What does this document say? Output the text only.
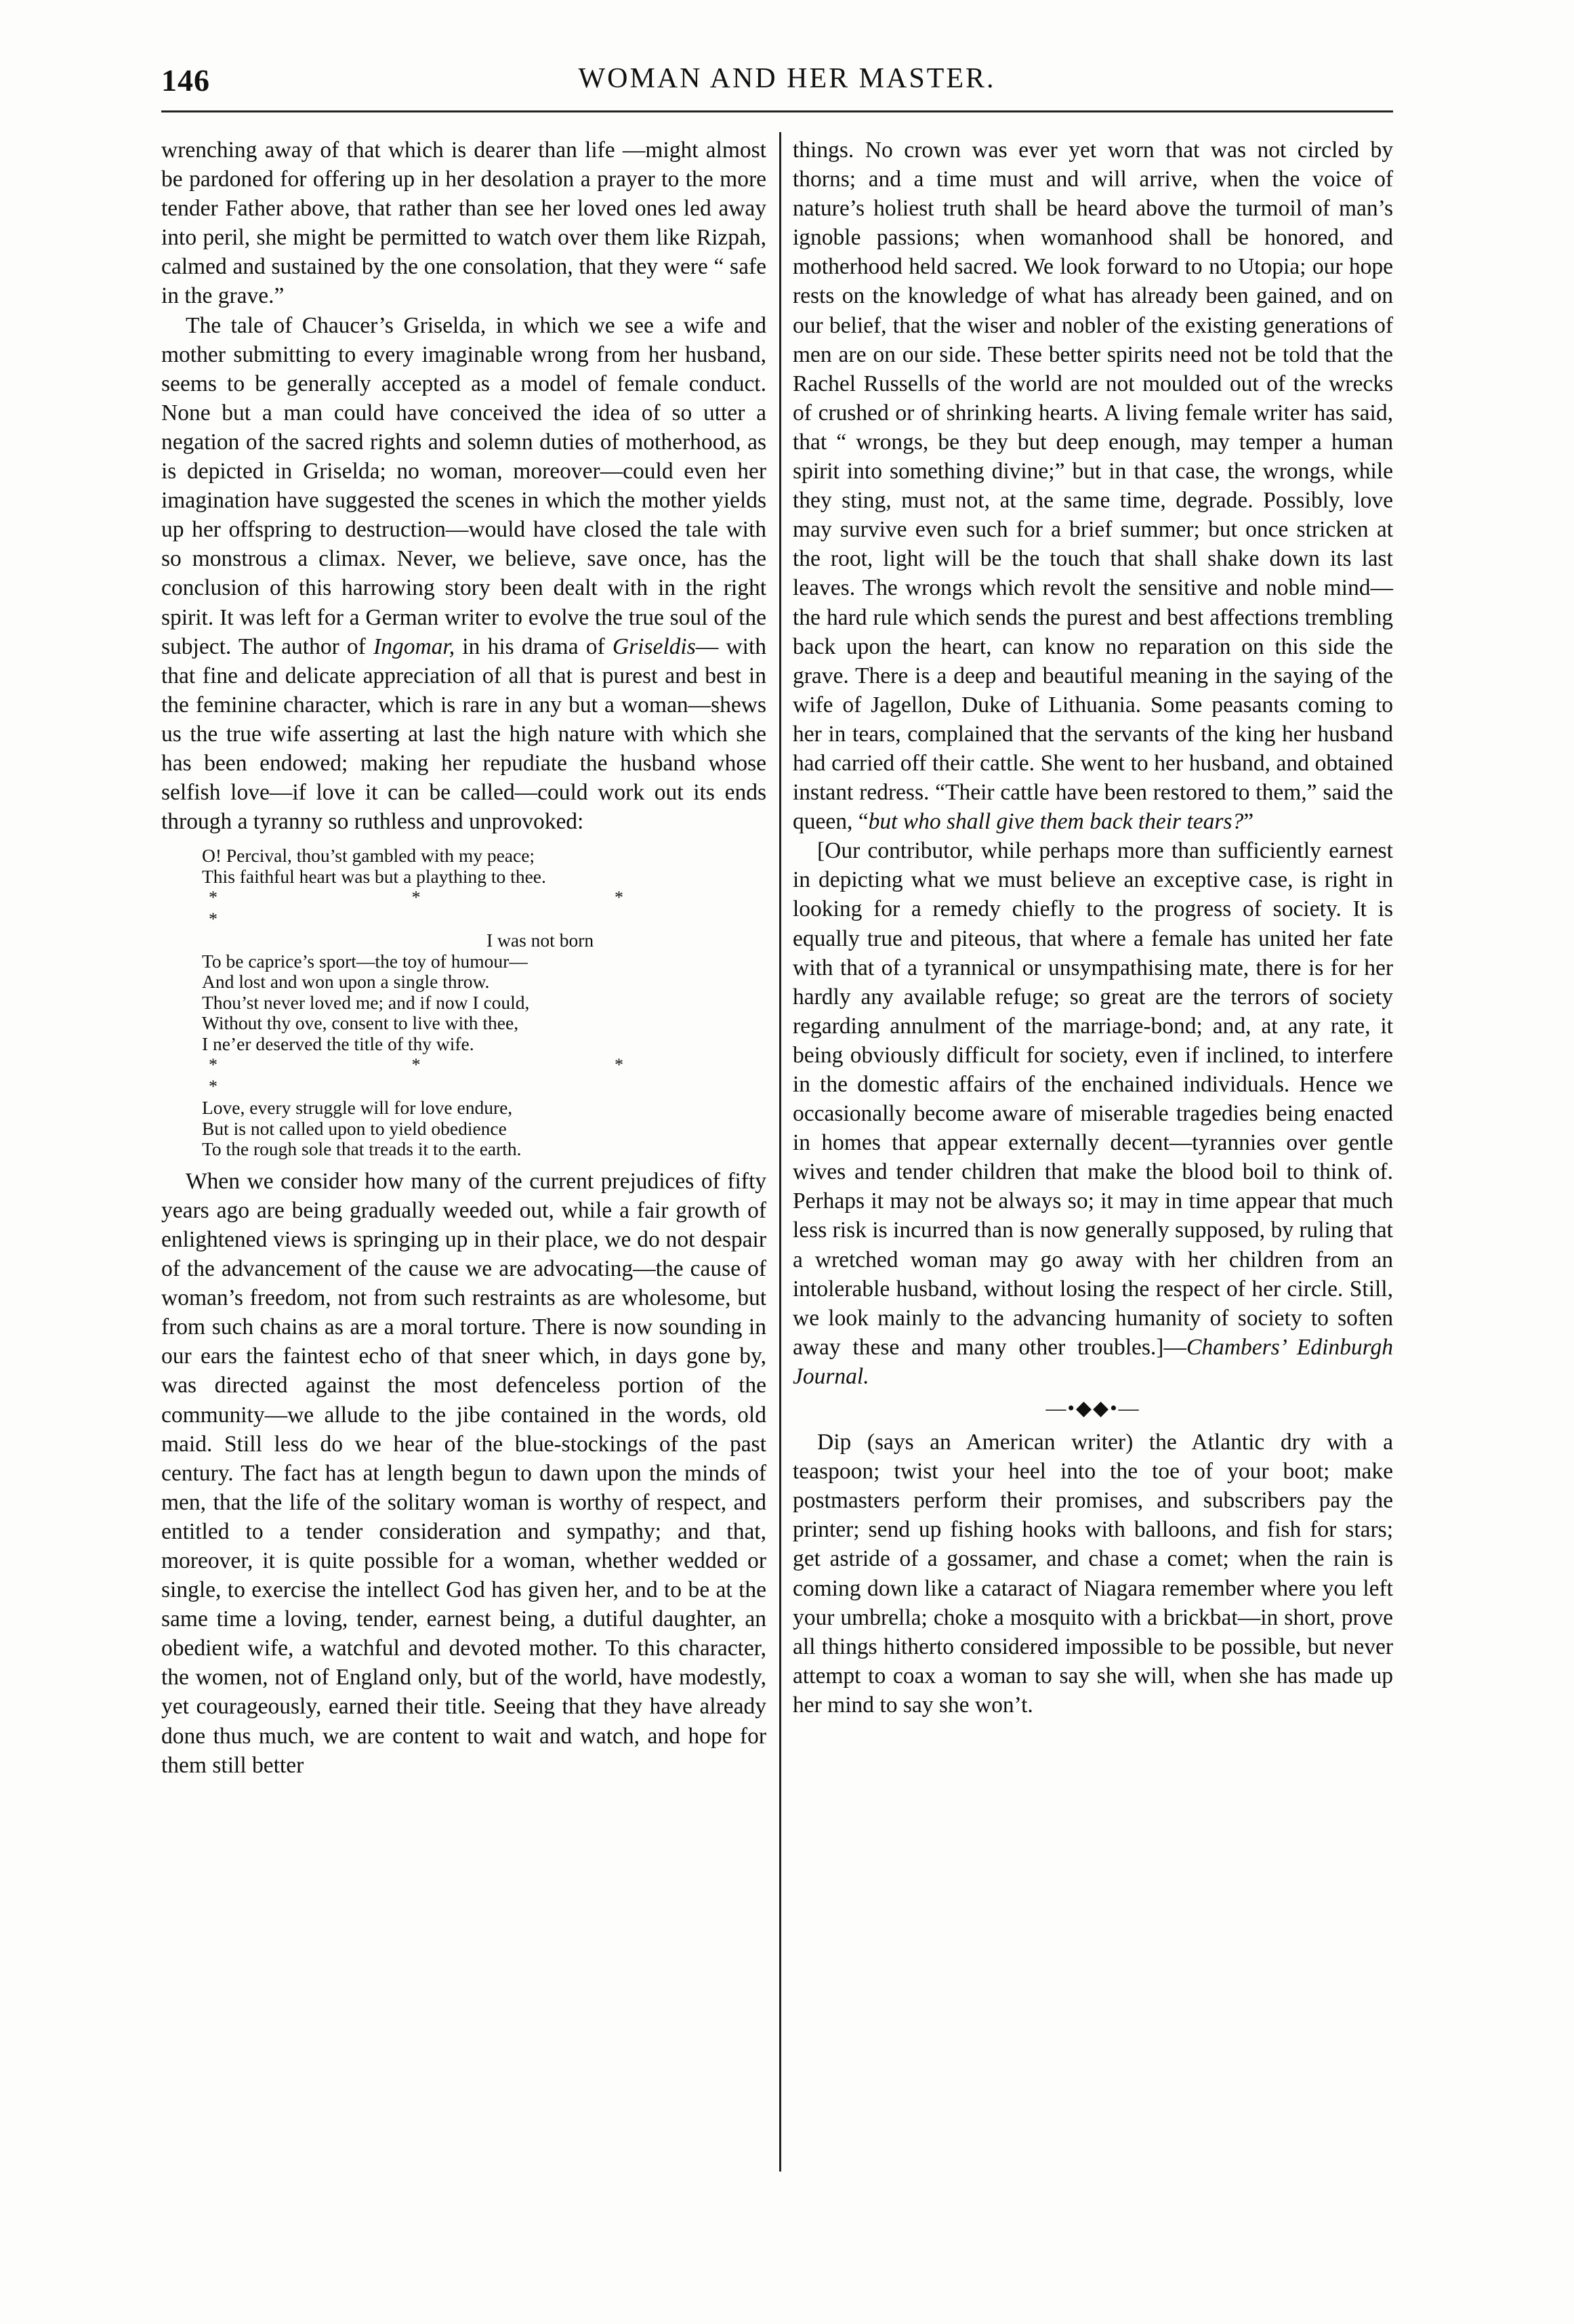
146	WOMAN AND HER MASTER.

wrenching away of that which is dearer than life —might almost be pardoned for offering up in her desolation a prayer to the more tender Father above, that rather than see her loved ones led away into peril, she might be permitted to watch over them like Rizpah, calmed and sustained by the one consolation, that they were “ safe in the grave.”

The tale of Chaucer’s Griselda, in which we see a wife and mother submitting to every imaginable wrong from her husband, seems to be generally accepted as a model of female conduct. None but a man could have conceived the idea of so utter a negation of the sacred rights and solemn duties of motherhood, as is depicted in Griselda; no woman, moreover—could even her imagination have suggested the scenes in which the mother yields up her offspring to destruction—would have closed the tale with so monstrous a climax. Never, we believe, save once, has the conclusion of this harrowing story been dealt with in the right spirit. It was left for a German writer to evolve the true soul of the subject. The author of Ingomar, in his drama of Griseldis— with that fine and delicate appreciation of all that is purest and best in the feminine character, which is rare in any but a woman—shews us the true wife asserting at last the high nature with which she has been endowed; making her repudiate the husband whose selfish love—if love it can be called—could work out its ends through a tyranny so ruthless and unprovoked:

O! Percival, thou’st gambled with my peace;
This faithful heart was but a plaything to thee.
* * * *
I was not born
To be caprice’s sport—the toy of humour—
And lost and won upon a single throw.
Thou’st never loved me; and if now I could,
Without thy ove, consent to live with thee,
I ne’er deserved the title of thy wife.
* * * *
Love, every struggle will for love endure,
But is not called upon to yield obedience
To the rough sole that treads it to the earth.

When we consider how many of the current prejudices of fifty years ago are being gradually weeded out, while a fair growth of enlightened views is springing up in their place, we do not despair of the advancement of the cause we are advocating—the cause of woman’s freedom, not from such restraints as are wholesome, but from such chains as are a moral torture. There is now sounding in our ears the faintest echo of that sneer which, in days gone by, was directed against the most defenceless portion of the community—we allude to the jibe contained in the words, old maid. Still less do we hear of the blue-stockings of the past century. The fact has at length begun to dawn upon the minds of men, that the life of the solitary woman is worthy of respect, and entitled to a tender consideration and sympathy; and that, moreover, it is quite possible for a woman, whether wedded or single, to exercise the intellect God has given her, and to be at the same time a loving, tender, earnest being, a dutiful daughter, an obedient wife, a watchful and devoted mother. To this character, the women, not of England only, but of the world, have modestly, yet courageously, earned their title. Seeing that they have already done thus much, we are content to wait and watch, and hope for them still better

things. No crown was ever yet worn that was not circled by thorns; and a time must and will arrive, when the voice of nature’s holiest truth shall be heard above the turmoil of man’s ignoble passions; when womanhood shall be honored, and motherhood held sacred. We look forward to no Utopia; our hope rests on the knowledge of what has already been gained, and on our belief, that the wiser and nobler of the existing generations of men are on our side. These better spirits need not be told that the Rachel Russells of the world are not moulded out of the wrecks of crushed or of shrinking hearts. A living female writer has said, that “ wrongs, be they but deep enough, may temper a human spirit into something divine;” but in that case, the wrongs, while they sting, must not, at the same time, degrade. Possibly, love may survive even such for a brief summer; but once stricken at the root, light will be the touch that shall shake down its last leaves. The wrongs which revolt the sensitive and noble mind—the hard rule which sends the purest and best affections trembling back upon the heart, can know no reparation on this side the grave. There is a deep and beautiful meaning in the saying of the wife of Jagellon, Duke of Lithuania. Some peasants coming to her in tears, complained that the servants of the king her husband had carried off their cattle. She went to her husband, and obtained instant redress. “Their cattle have been restored to them,” said the queen, “but who shall give them back their tears?”

[Our contributor, while perhaps more than sufficiently earnest in depicting what we must believe an exceptive case, is right in looking for a remedy chiefly to the progress of society. It is equally true and piteous, that where a female has united her fate with that of a tyrannical or unsympathising mate, there is for her hardly any available refuge; so great are the terrors of society regarding annulment of the marriage-bond; and, at any rate, it being obviously difficult for society, even if inclined, to interfere in the domestic affairs of the enchained individuals. Hence we occasionally become aware of miserable tragedies being enacted in homes that appear externally decent—tyrannies over gentle wives and tender children that make the blood boil to think of. Perhaps it may not be always so; it may in time appear that much less risk is incurred than is now generally supposed, by ruling that a wretched woman may go away with her children from an intolerable husband, without losing the respect of her circle. Still, we look mainly to the advancing humanity of society to soften away these and many other troubles.]—Chambers’ Edinburgh Journal.

—•◆◆•—

Dip (says an American writer) the Atlantic dry with a teaspoon; twist your heel into the toe of your boot; make postmasters perform their promises, and subscribers pay the printer; send up fishing hooks with balloons, and fish for stars; get astride of a gossamer, and chase a comet; when the rain is coming down like a cataract of Niagara remember where you left your umbrella; choke a mosquito with a brickbat—in short, prove all things hitherto considered impossible to be possible, but never attempt to coax a woman to say she will, when she has made up her mind to say she won’t.
